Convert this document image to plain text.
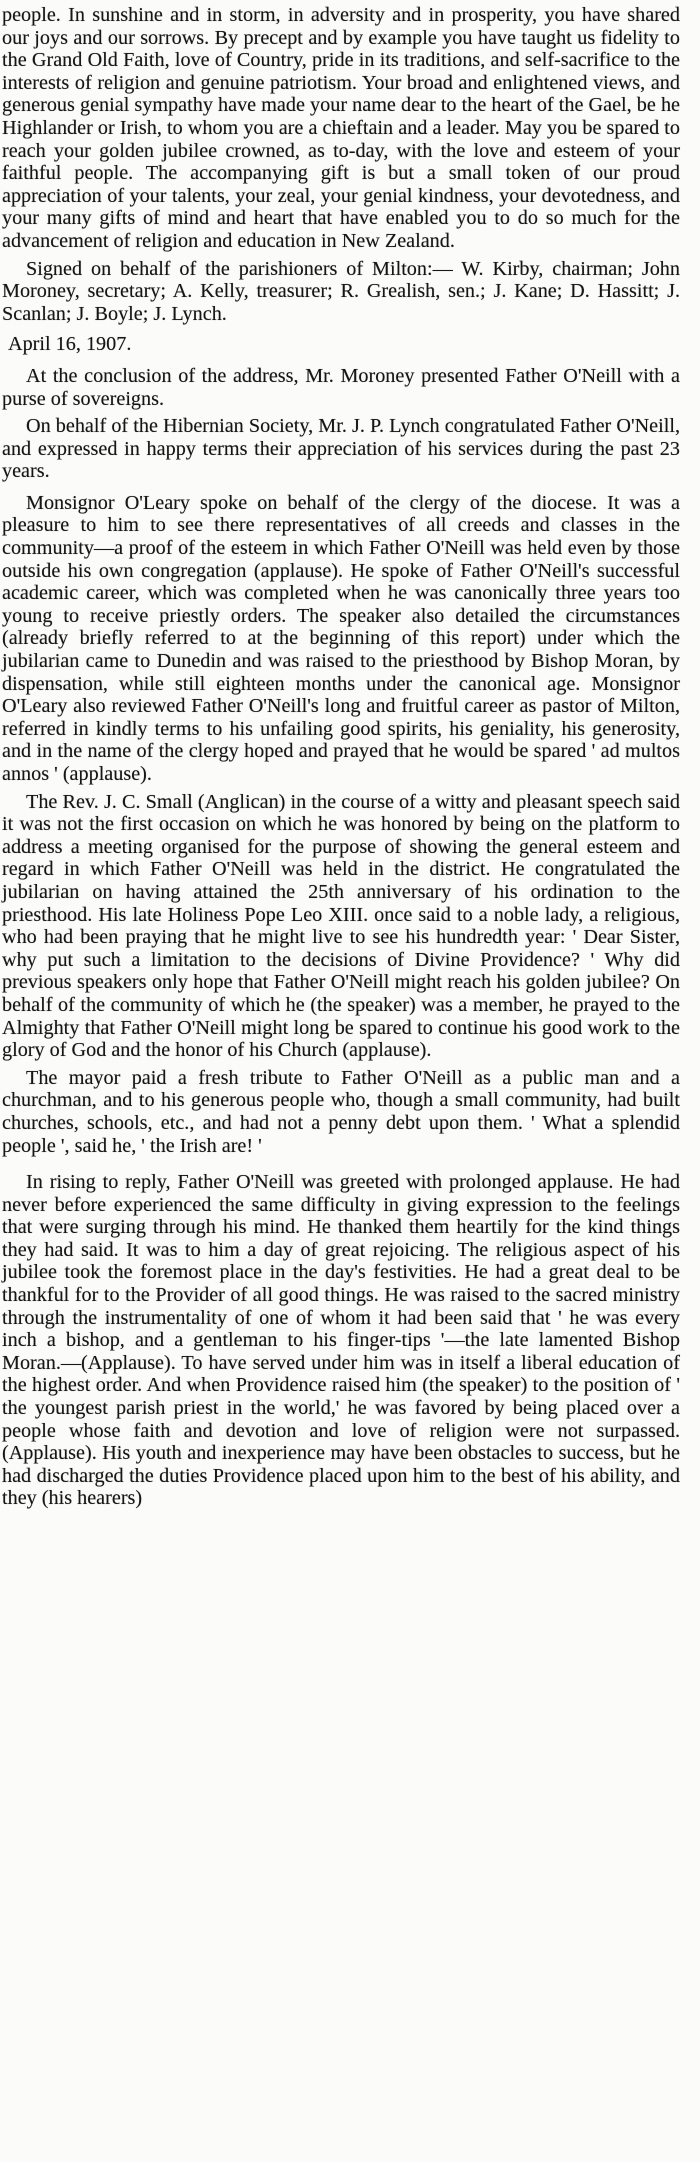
people. In sunshine and in storm, in adversity and in prosperity, you have shared our joys and our sorrows. By precept and by example you have taught us fidelity to the Grand Old Faith, love of Country, pride in its traditions, and self-sacrifice to the interests of religion and genuine patriotism. Your broad and enlightened views, and generous genial sympathy have made your name dear to the heart of the Gael, be he Highlander or Irish, to whom you are a chieftain and a leader. May you be spared to reach your golden jubilee crowned, as to-day, with the love and esteem of your faithful people. The accompanying gift is but a small token of our proud appreciation of your talents, your zeal, your genial kindness, your devotedness, and your many gifts of mind and heart that have enabled you to do so much for the advancement of religion and education in New Zealand.

Signed on behalf of the parishioners of Milton:— W. Kirby, chairman; John Moroney, secretary; A. Kelly, treasurer; R. Grealish, sen.; J. Kane; D. Hassitt; J. Scanlan; J. Boyle; J. Lynch.

April 16, 1907.

At the conclusion of the address, Mr. Moroney presented Father O'Neill with a purse of sovereigns.

On behalf of the Hibernian Society, Mr. J. P. Lynch congratulated Father O'Neill, and expressed in happy terms their appreciation of his services during the past 23 years.

Monsignor O'Leary spoke on behalf of the clergy of the diocese. It was a pleasure to him to see there representatives of all creeds and classes in the community—a proof of the esteem in which Father O'Neill was held even by those outside his own congregation (applause). He spoke of Father O'Neill's successful academic career, which was completed when he was canonically three years too young to receive priestly orders. The speaker also detailed the circumstances (already briefly referred to at the beginning of this report) under which the jubilarian came to Dunedin and was raised to the priesthood by Bishop Moran, by dispensation, while still eighteen months under the canonical age. Monsignor O'Leary also reviewed Father O'Neill's long and fruitful career as pastor of Milton, referred in kindly terms to his unfailing good spirits, his geniality, his generosity, and in the name of the clergy hoped and prayed that he would be spared ' ad multos annos ' (applause).

The Rev. J. C. Small (Anglican) in the course of a witty and pleasant speech said it was not the first occasion on which he was honored by being on the platform to address a meeting organised for the purpose of showing the general esteem and regard in which Father O'Neill was held in the district. He congratulated the jubilarian on having attained the 25th anniversary of his ordination to the priesthood. His late Holiness Pope Leo XIII. once said to a noble lady, a religious, who had been praying that he might live to see his hundredth year: ' Dear Sister, why put such a limitation to the decisions of Divine Providence? ' Why did previous speakers only hope that Father O'Neill might reach his golden jubilee? On behalf of the community of which he (the speaker) was a member, he prayed to the Almighty that Father O'Neill might long be spared to continue his good work to the glory of God and the honor of his Church (applause).

The mayor paid a fresh tribute to Father O'Neill as a public man and a churchman, and to his generous people who, though a small community, had built churches, schools, etc., and had not a penny debt upon them. ' What a splendid people ', said he, ' the Irish are! '

In rising to reply, Father O'Neill was greeted with prolonged applause. He had never before experienced the same difficulty in giving expression to the feelings that were surging through his mind. He thanked them heartily for the kind things they had said. It was to him a day of great rejoicing. The religious aspect of his jubilee took the foremost place in the day's festivities. He had a great deal to be thankful for to the Provider of all good things. He was raised to the sacred ministry through the instrumentality of one of whom it had been said that ' he was every inch a bishop, and a gentleman to his finger-tips '—the late lamented Bishop Moran.—(Applause). To have served under him was in itself a liberal education of the highest order. And when Providence raised him (the speaker) to the position of ' the youngest parish priest in the world,' he was favored by being placed over a people whose faith and devotion and love of religion were not surpassed. (Applause). His youth and inexperience may have been obstacles to success, but he had discharged the duties Providence placed upon him to the best of his ability, and they (his hearers)
